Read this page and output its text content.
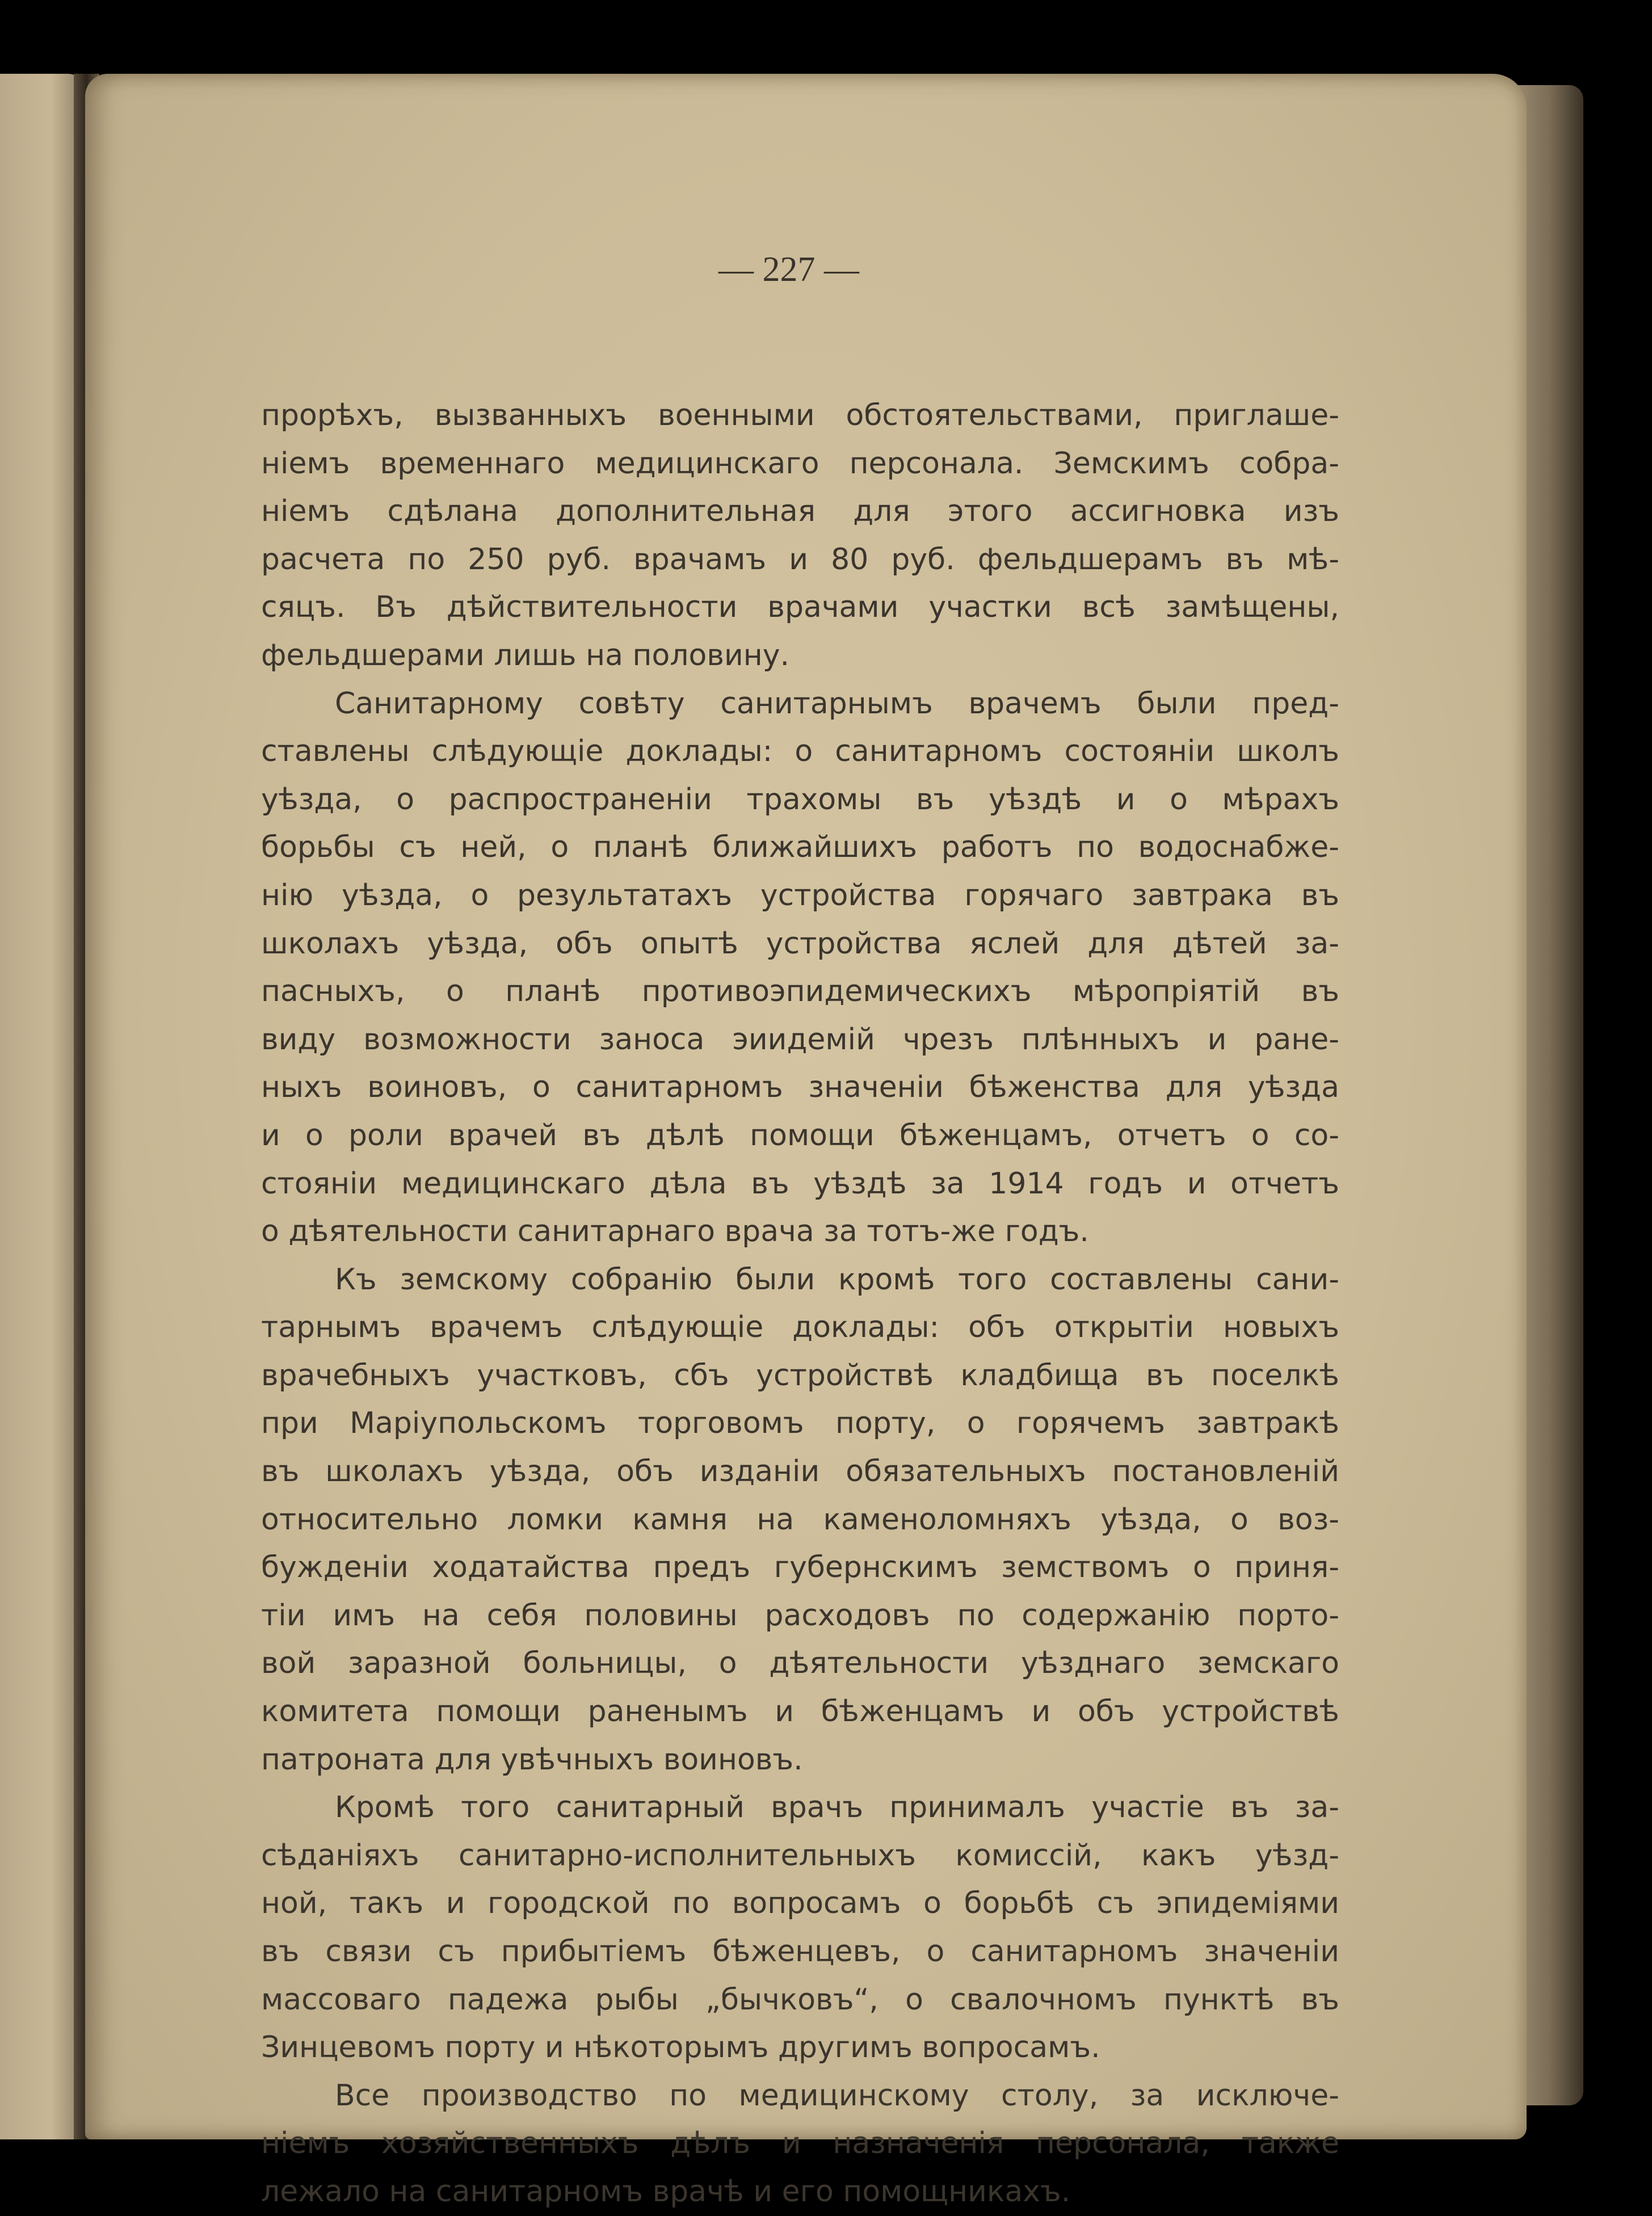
— 227 —
прорѣхъ, вызванныхъ военными обстоятельствами, приглаше-
ніемъ временнаго медицинскаго персонала. Земскимъ собра-
ніемъ сдѣлана дополнительная для этого ассигновка изъ
расчета по 250 руб. врачамъ и 80 руб. фельдшерамъ въ мѣ-
сяцъ. Въ дѣйствительности врачами участки всѣ замѣщены,
фельдшерами лишь на половину.
Санитарному совѣту санитарнымъ врачемъ были пред-
ставлены слѣдующіе доклады: о санитарномъ состояніи школъ
уѣзда, о распространеніи трахомы въ уѣздѣ и о мѣрахъ
борьбы съ ней, о планѣ ближайшихъ работъ по водоснабже-
нію уѣзда, о результатахъ устройства горячаго завтрака въ
школахъ уѣзда, объ опытѣ устройства яслей для дѣтей за-
пасныхъ, о планѣ противоэпидемическихъ мѣропріятій въ
виду возможности заноса эиидемій чрезъ плѣнныхъ и ране-
ныхъ воиновъ, о санитарномъ значеніи бѣженства для уѣзда
и о роли врачей въ дѣлѣ помощи бѣженцамъ, отчетъ о со-
стояніи медицинскаго дѣла въ уѣздѣ за 1914 годъ и отчетъ
о дѣятельности санитарнаго врача за тотъ-же годъ.
Къ земскому собранію были кромѣ того составлены сани-
тарнымъ врачемъ слѣдующіе доклады: объ открытіи новыхъ
врачебныхъ участковъ, сбъ устройствѣ кладбища въ поселкѣ
при Маріупольскомъ торговомъ порту, о горячемъ завтракѣ
въ школахъ уѣзда, объ изданіи обязательныхъ постановленій
относительно ломки камня на каменоломняхъ уѣзда, о воз-
бужденіи ходатайства предъ губернскимъ земствомъ о приня-
тіи имъ на себя половины расходовъ по содержанію порто-
вой заразной больницы, о дѣятельности уѣзднаго земскаго
комитета помощи раненымъ и бѣженцамъ и объ устройствѣ
патроната для увѣчныхъ воиновъ.
Кромѣ того санитарный врачъ принималъ участіе въ за-
сѣданіяхъ санитарно-исполнительныхъ комиссій, какъ уѣзд-
ной, такъ и городской по вопросамъ о борьбѣ съ эпидеміями
въ связи съ прибытіемъ бѣженцевъ, о санитарномъ значеніи
массоваго падежа рыбы „бычковъ“, о свалочномъ пунктѣ въ
Зинцевомъ порту и нѣкоторымъ другимъ вопросамъ.
Все производство по медицинскому столу, за исключе-
ніемъ хозяйственныхъ дѣлъ и назначенія персонала, также
лежало на санитарномъ врачѣ и его помощникахъ.
